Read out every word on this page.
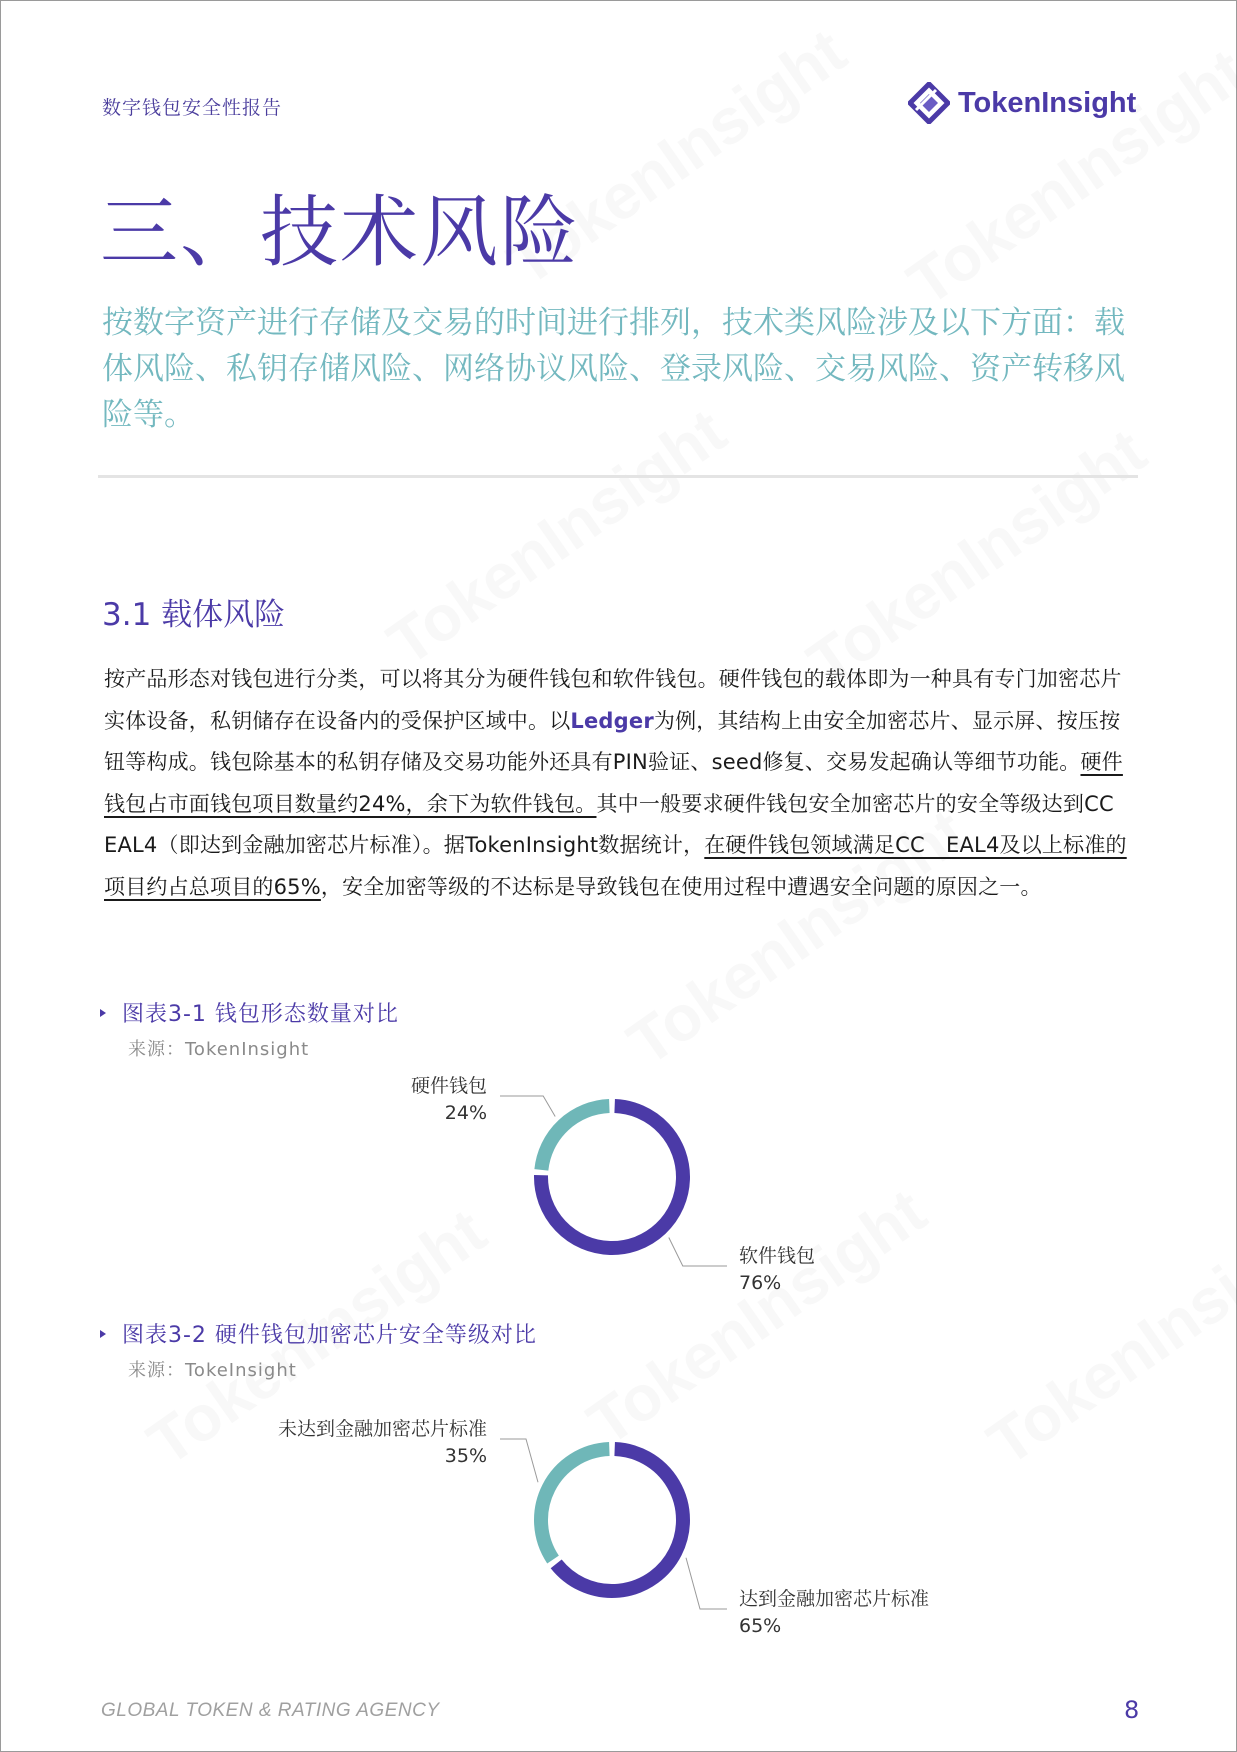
数字钱包安全性报告	TokenInsight
三、技术风险

按数字资产进行存储及交易的时间进行排列，技术类风险涉及以下方面：载体风险、私钥存储风险、网络协议风险、登录风险、交易风险、资产转移风险等。

3.1 载体风险

按产品形态对钱包进行分类，可以将其分为硬件钱包和软件钱包。硬件钱包的载体即为一种具有专门加密芯片实体设备，私钥储存在设备内的受保护区域中。以Ledger为例，其结构上由安全加密芯片、显示屏、按压按钮等构成。钱包除基本的私钥存储及交易功能外还具有PIN验证、seed修复、交易发起确认等细节功能。硬件钱包占市面钱包项目数量约24%，余下为软件钱包。其中一般要求硬件钱包安全加密芯片的安全等级达到CC　EAL4（即达到金融加密芯片标准）。据TokenInsight数据统计，在硬件钱包领域满足CC　EAL4及以上标准的项目约占总项目的65%，安全加密等级的不达标是导致钱包在使用过程中遭遇安全问题的原因之一。

图表3-1 钱包形态数量对比
来源：TokenInsight
硬件钱包
24%
软件钱包
76%
图表3-2 硬件钱包加密芯片安全等级对比
来源：TokeInsight
未达到金融加密芯片标准
35%
达到金融加密芯片标准
65%
GLOBAL TOKEN & RATING AGENCY	8
